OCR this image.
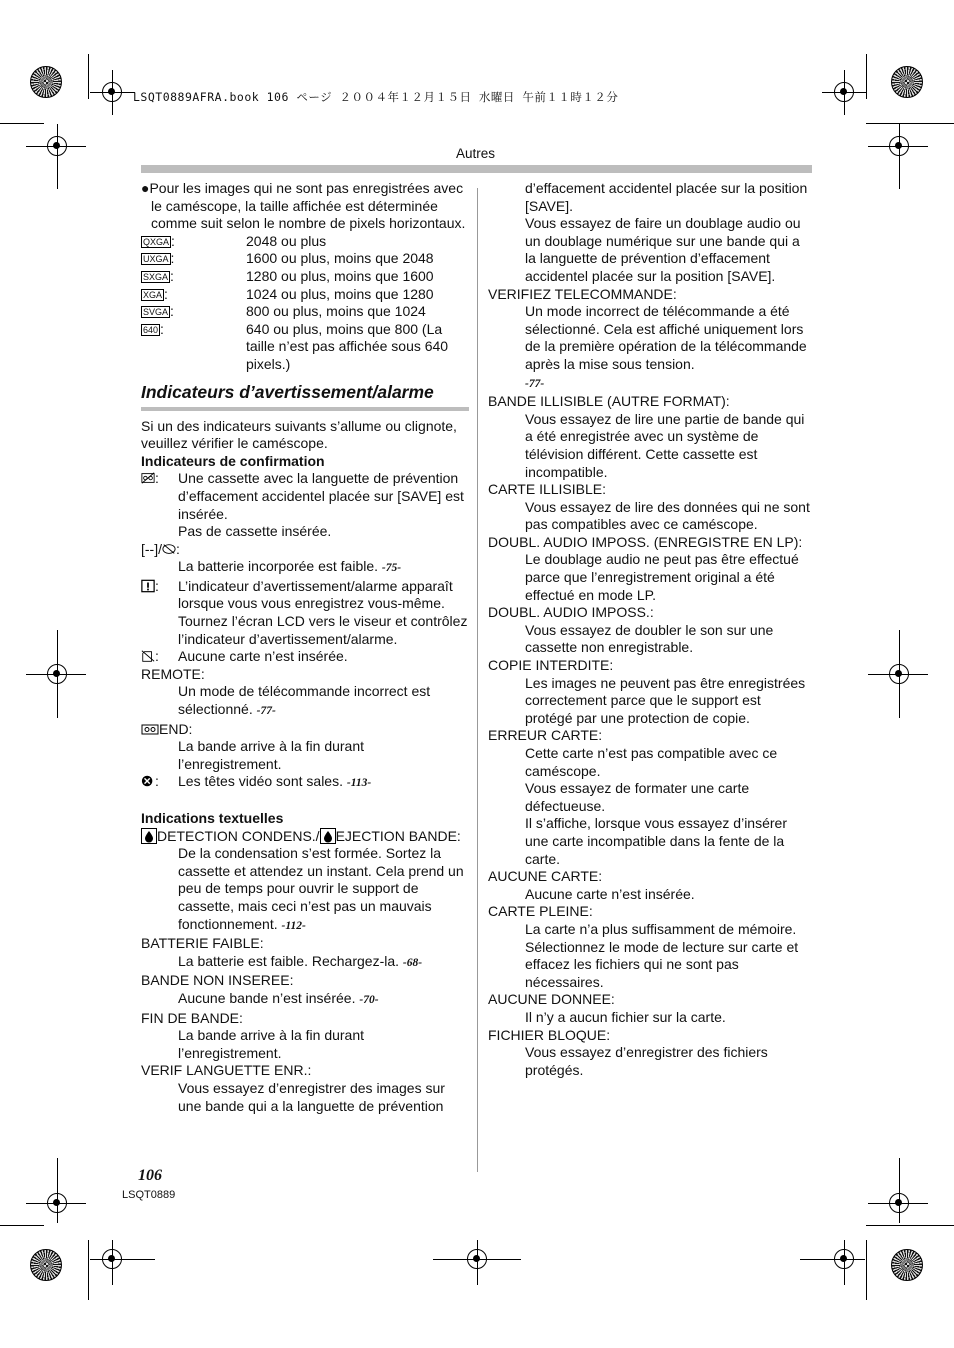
LSQT0889AFRA.book 106 ページ ２００４年１２月１５日 水曜日 午前１１時１２分
Autres

●Pour les images qui ne sont pas enregistrées avec le caméscope, la taille affichée est déterminée comme suit selon le nombre de pixels horizontaux.

QXGA :	2048 ou plus
UXGA :	1600 ou plus, moins que 2048
SXGA :	1280 ou plus, moins que 1600
XGA :	1024 ou plus, moins que 1280
SVGA :	800 ou plus, moins que 1024
640 :	640 ou plus, moins que 800 (La taille n’est pas affichée sous 640 pixels.)
Indicateurs d’avertissement/alarme

Si un des indicateurs suivants s’allume ou clignote, veuillez vérifier le caméscope.

Indicateurs de confirmation

:	Une cassette avec la languette de prévention d’effacement accidentel placée sur [SAVE] est insérée.

Pas de cassette insérée.

[--]/ :

La batterie incorporée est faible. -75-

:	L’indicateur d’avertissement/alarme apparaît lorsque vous vous enregistrez vous-même. Tournez l’écran LCD vers le viseur et contrôlez l’indicateur d’avertissement/alarme.

:	Aucune carte n’est insérée.

REMOTE:

Un mode de télécommande incorrect est sélectionné. -77-

END:

La bande arrive à la fin durant l’enregistrement.

:	Les têtes vidéo sont sales. -113-

Indications textuelles

DETECTION CONDENS./ EJECTION BANDE:

De la condensation s’est formée. Sortez la cassette et attendez un instant. Cela prend un peu de temps pour ouvrir le support de cassette, mais ceci n’est pas un mauvais fonctionnement. -112-

BATTERIE FAIBLE:

La batterie est faible. Rechargez-la. -68-

BANDE NON INSEREE:

Aucune bande n’est insérée. -70-

FIN DE BANDE:

La bande arrive à la fin durant l’enregistrement.

VERIF LANGUETTE ENR.:

Vous essayez d’enregistrer des images sur une bande qui a la languette de prévention

d’effacement accidentel placée sur la position [SAVE].

Vous essayez de faire un doublage audio ou un doublage numérique sur une bande qui a la languette de prévention d’effacement accidentel placée sur la position [SAVE].

VERIFIEZ TELECOMMANDE:

Un mode incorrect de télécommande a été sélectionné. Cela est affiché uniquement lors de la première opération de la télécommande après la mise sous tension.

-77-

BANDE ILLISIBLE (AUTRE FORMAT):

Vous essayez de lire une partie de bande qui a été enregistrée avec un système de télévision différent. Cette cassette est incompatible.

CARTE ILLISIBLE:

Vous essayez de lire des données qui ne sont pas compatibles avec ce caméscope.

DOUBL. AUDIO IMPOSS. (ENREGISTRE EN LP):

Le doublage audio ne peut pas être effectué parce que l’enregistrement original a été effectué en mode LP.

DOUBL. AUDIO IMPOSS.:

Vous essayez de doubler le son sur une cassette non enregistrable.

COPIE INTERDITE:

Les images ne peuvent pas être enregistrées correctement parce que le support est protégé par une protection de copie.

ERREUR CARTE:

Cette carte n’est pas compatible avec ce caméscope.

Vous essayez de formater une carte défectueuse.

Il s’affiche, lorsque vous essayez d’insérer une carte incompatible dans la fente de la carte.

AUCUNE CARTE:

Aucune carte n’est insérée.

CARTE PLEINE:

La carte n’a plus suffisamment de mémoire. Sélectionnez le mode de lecture sur carte et effacez les fichiers qui ne sont pas nécessaires.

AUCUNE DONNEE:

Il n’y a aucun fichier sur la carte.

FICHIER BLOQUE:

Vous essayez d’enregistrer des fichiers protégés.

106
LSQT0889
